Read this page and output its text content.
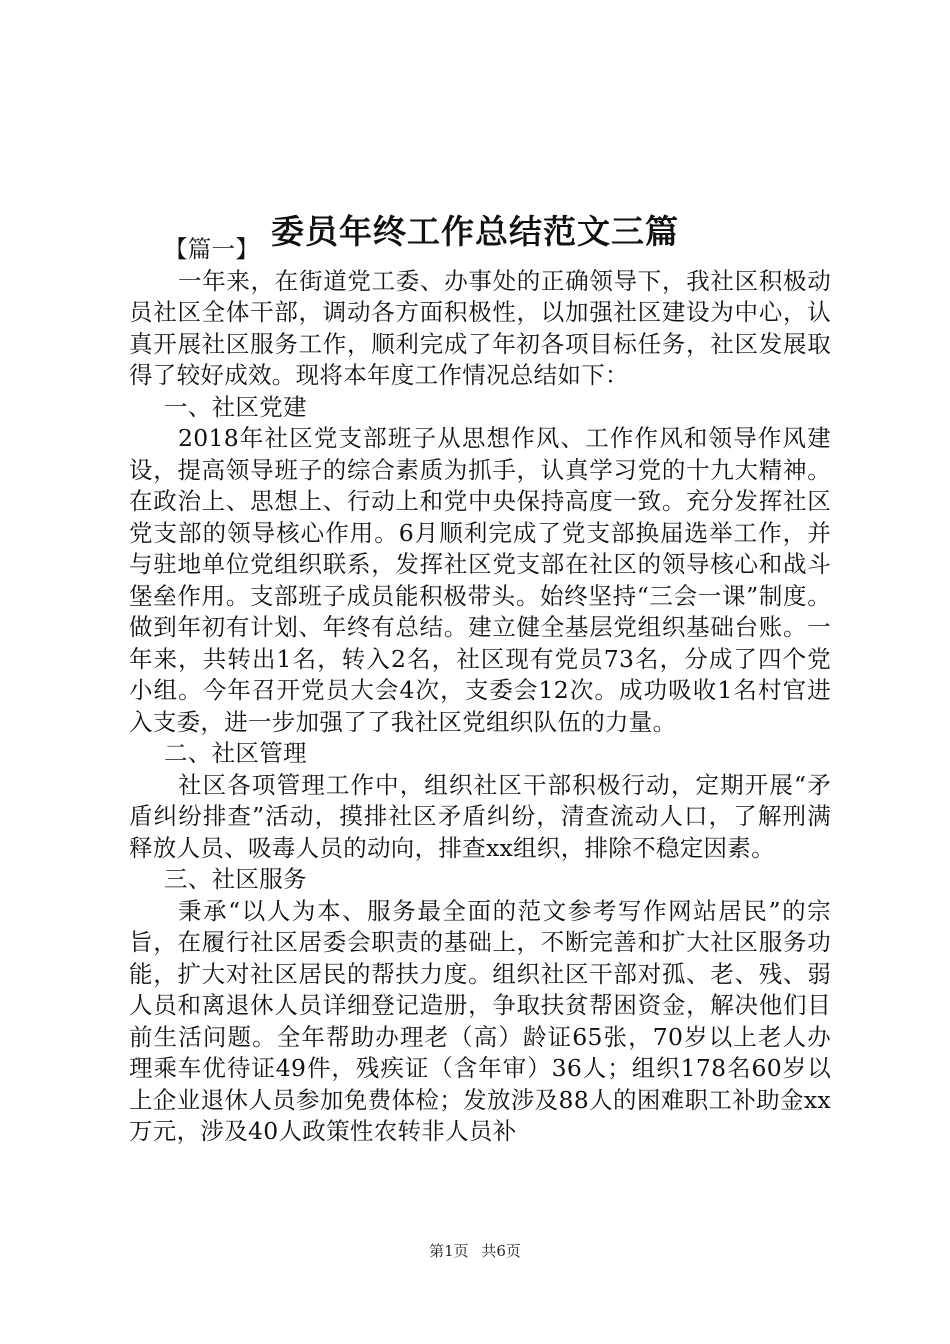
委员年终工作总结范文三篇

【篇一】

一年来，在街道党工委、办事处的正确领导下，我社区积极动员社区全体干部，调动各方面积极性，以加强社区建设为中心，认真开展社区服务工作，顺利完成了年初各项目标任务，社区发展取得了较好成效。现将本年度工作情况总结如下：

一、社区党建

2018年社区党支部班子从思想作风、工作作风和领导作风建设，提高领导班子的综合素质为抓手，认真学习党的十九大精神。在政治上、思想上、行动上和党中央保持高度一致。充分发挥社区党支部的领导核心作用。6月顺利完成了党支部换届选举工作，并与驻地单位党组织联系，发挥社区党支部在社区的领导核心和战斗堡垒作用。支部班子成员能积极带头。始终坚持“三会一课”制度。做到年初有计划、年终有总结。建立健全基层党组织基础台账。一年来，共转出1名，转入2名，社区现有党员73名，分成了四个党小组。今年召开党员大会4次，支委会12次。成功吸收1名村官进入支委，进一步加强了了我社区党组织队伍的力量。

二、社区管理

社区各项管理工作中，组织社区干部积极行动，定期开展“矛盾纠纷排查”活动，摸排社区矛盾纠纷，清查流动人口，了解刑满释放人员、吸毒人员的动向，排查xx组织，排除不稳定因素。

三、社区服务

秉承“以人为本、服务最全面的范文参考写作网站居民”的宗旨，在履行社区居委会职责的基础上，不断完善和扩大社区服务功能，扩大对社区居民的帮扶力度。组织社区干部对孤、老、残、弱人员和离退休人员详细登记造册，争取扶贫帮困资金，解决他们目前生活问题。全年帮助办理老（高）龄证65张，70岁以上老人办理乘车优待证49件，残疾证（含年审）36人；组织178名60岁以上企业退休人员参加免费体检；发放涉及88人的困难职工补助金xx万元，涉及40人政策性农转非人员补

第1页 共6页
